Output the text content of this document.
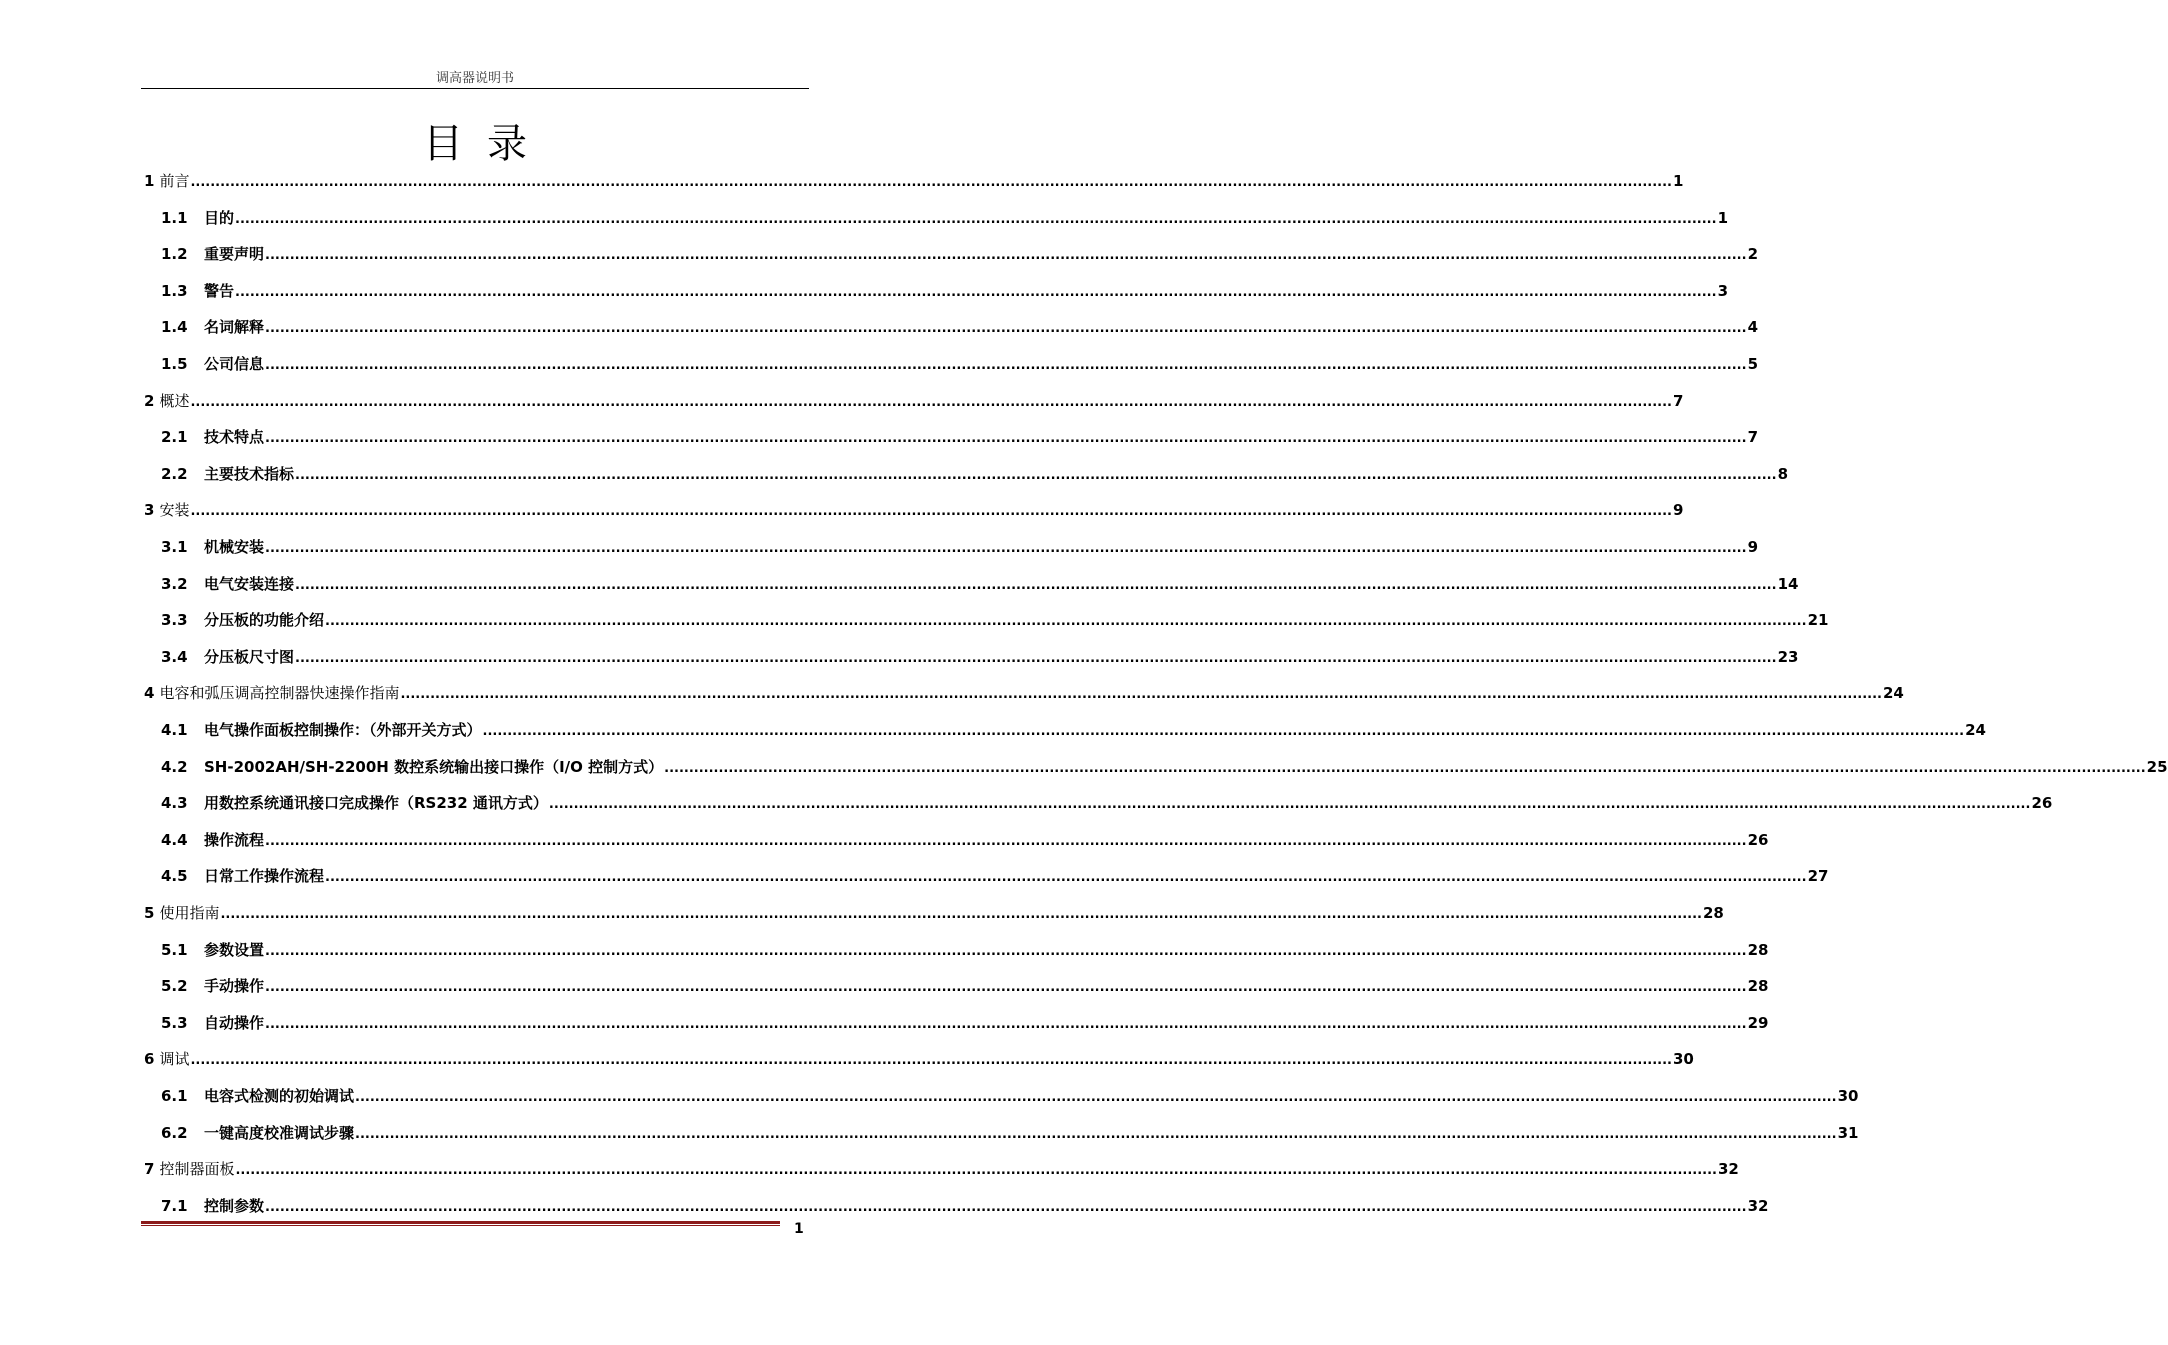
调高器说明书
目录
1 前言 ............................................................................................................................................................................................................................................................................................................ 1
1.1	目的 ............................................................................................................................................................................................................................................................................................................ 1
1.2	重要声明 ............................................................................................................................................................................................................................................................................................................ 2
1.3	警告 ............................................................................................................................................................................................................................................................................................................ 3
1.4	名词解释 ............................................................................................................................................................................................................................................................................................................ 4
1.5	公司信息 ............................................................................................................................................................................................................................................................................................................ 5
2 概述 ............................................................................................................................................................................................................................................................................................................ 7
2.1	技术特点 ............................................................................................................................................................................................................................................................................................................ 7
2.2	主要技术指标 ............................................................................................................................................................................................................................................................................................................ 8
3 安装 ............................................................................................................................................................................................................................................................................................................ 9
3.1	机械安装 ............................................................................................................................................................................................................................................................................................................ 9
3.2	电气安装连接 ............................................................................................................................................................................................................................................................................................................ 14
3.3	分压板的功能介绍 ............................................................................................................................................................................................................................................................................................................ 21
3.4	分压板尺寸图 ............................................................................................................................................................................................................................................................................................................ 23
4 电容和弧压调高控制器快速操作指南 ............................................................................................................................................................................................................................................................................................................ 24
4.1	电气操作面板控制操作：（外部开关方式） ............................................................................................................................................................................................................................................................................................................ 24
4.2	SH-2002AH/SH-2200H 数控系统输出接口操作（I/O 控制方式） ............................................................................................................................................................................................................................................................................................................ 25
4.3	用数控系统通讯接口完成操作（RS232 通讯方式） ............................................................................................................................................................................................................................................................................................................ 26
4.4	操作流程 ............................................................................................................................................................................................................................................................................................................ 26
4.5	日常工作操作流程 ............................................................................................................................................................................................................................................................................................................ 27
5 使用指南 ............................................................................................................................................................................................................................................................................................................ 28
5.1	参数设置 ............................................................................................................................................................................................................................................................................................................ 28
5.2	手动操作 ............................................................................................................................................................................................................................................................................................................ 28
5.3	自动操作 ............................................................................................................................................................................................................................................................................................................ 29
6 调试 ............................................................................................................................................................................................................................................................................................................ 30
6.1	电容式检测的初始调试 ............................................................................................................................................................................................................................................................................................................ 30
6.2	一键高度校准调试步骤 ............................................................................................................................................................................................................................................................................................................ 31
7 控制器面板 ............................................................................................................................................................................................................................................................................................................ 32
7.1	控制参数 ............................................................................................................................................................................................................................................................................................................ 32
1
